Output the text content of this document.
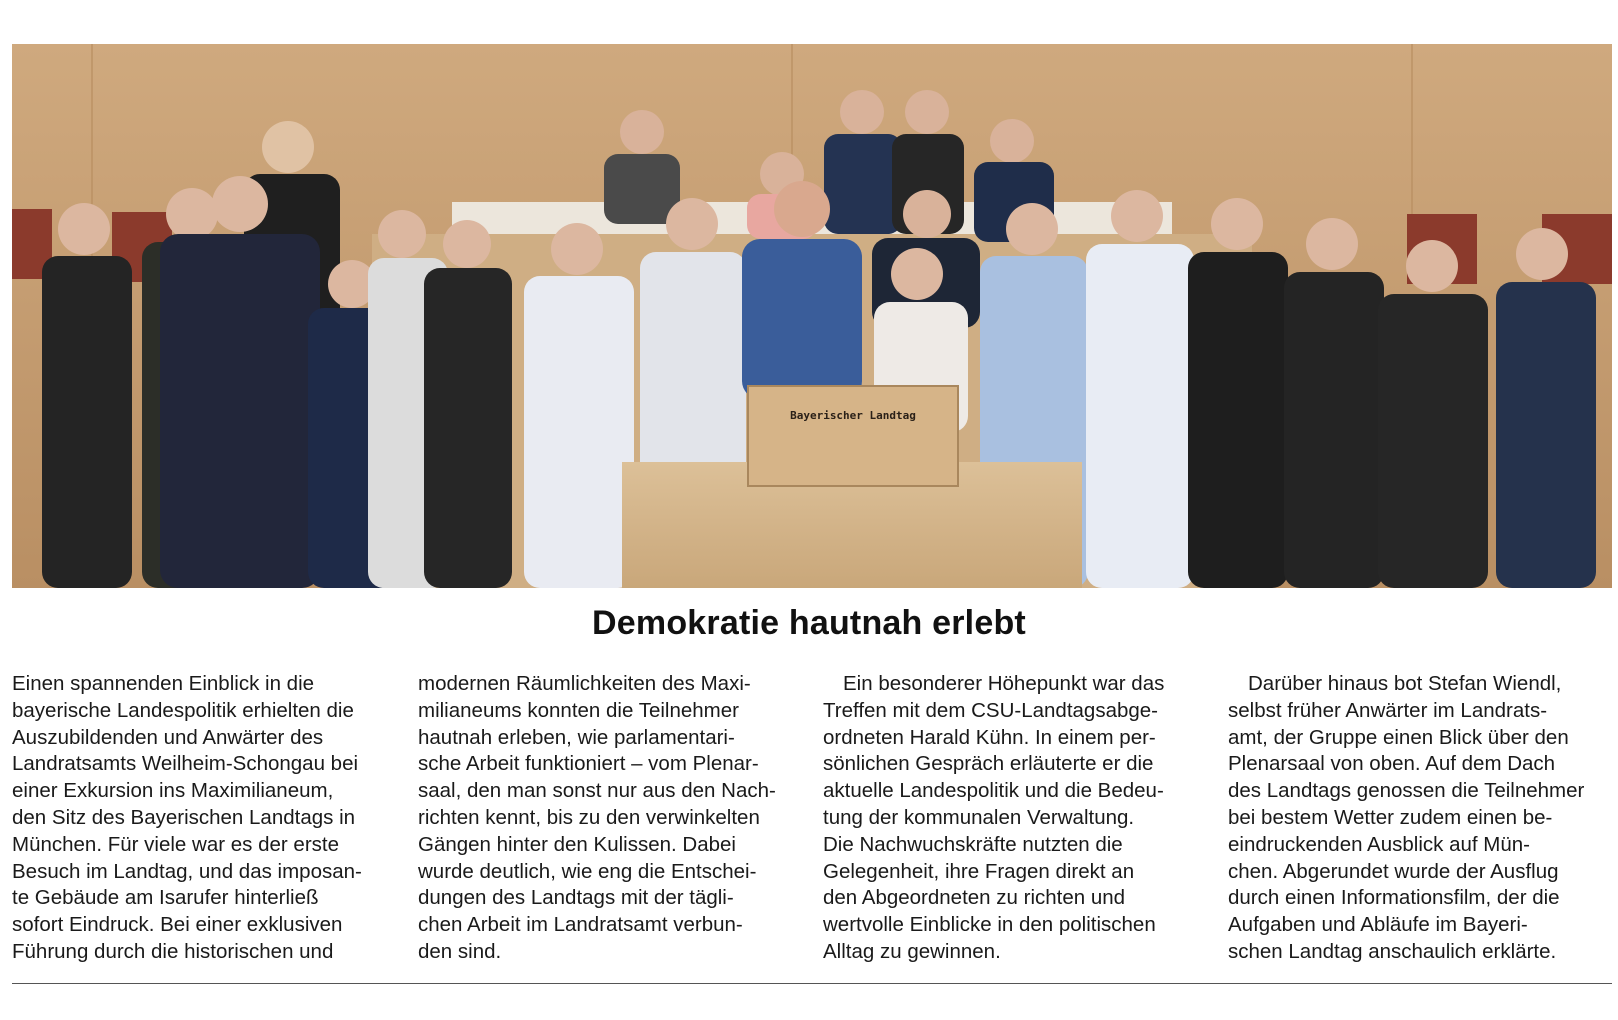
Bayerischer Landtag
Demokratie hautnah erlebt
Einen spannenden Einblick in die
bayerische Landespolitik erhielten die
Auszubildenden und Anwärter des
Landratsamts Weilheim-Schongau bei
einer Exkursion ins Maximilianeum,
den Sitz des Bayerischen Landtags in
München. Für viele war es der erste
Besuch im Landtag, und das imposan-
te Gebäude am Isarufer hinterließ
sofort Eindruck. Bei einer exklusiven
Führung durch die historischen und
modernen Räumlichkeiten des Maxi-
milianeums konnten die Teilnehmer
hautnah erleben, wie parlamentari-
sche Arbeit funktioniert – vom Plenar-
saal, den man sonst nur aus den Nach-
richten kennt, bis zu den verwinkelten
Gängen hinter den Kulissen. Dabei
wurde deutlich, wie eng die Entschei-
dungen des Landtags mit der tägli-
chen Arbeit im Landratsamt verbun-
den sind.
Ein besonderer Höhepunkt war das
Treffen mit dem CSU-Landtagsabge-
ordneten Harald Kühn. In einem per-
sönlichen Gespräch erläuterte er die
aktuelle Landespolitik und die Bedeu-
tung der kommunalen Verwaltung.
Die Nachwuchskräfte nutzten die
Gelegenheit, ihre Fragen direkt an
den Abgeordneten zu richten und
wertvolle Einblicke in den politischen
Alltag zu gewinnen.
Darüber hinaus bot Stefan Wiendl,
selbst früher Anwärter im Landrats-
amt, der Gruppe einen Blick über den
Plenarsaal von oben. Auf dem Dach
des Landtags genossen die Teilnehmer
bei bestem Wetter zudem einen be-
eindruckenden Ausblick auf Mün-
chen. Abgerundet wurde der Ausflug
durch einen Informationsfilm, der die
Aufgaben und Abläufe im Bayeri-
schen Landtag anschaulich erklärte.
